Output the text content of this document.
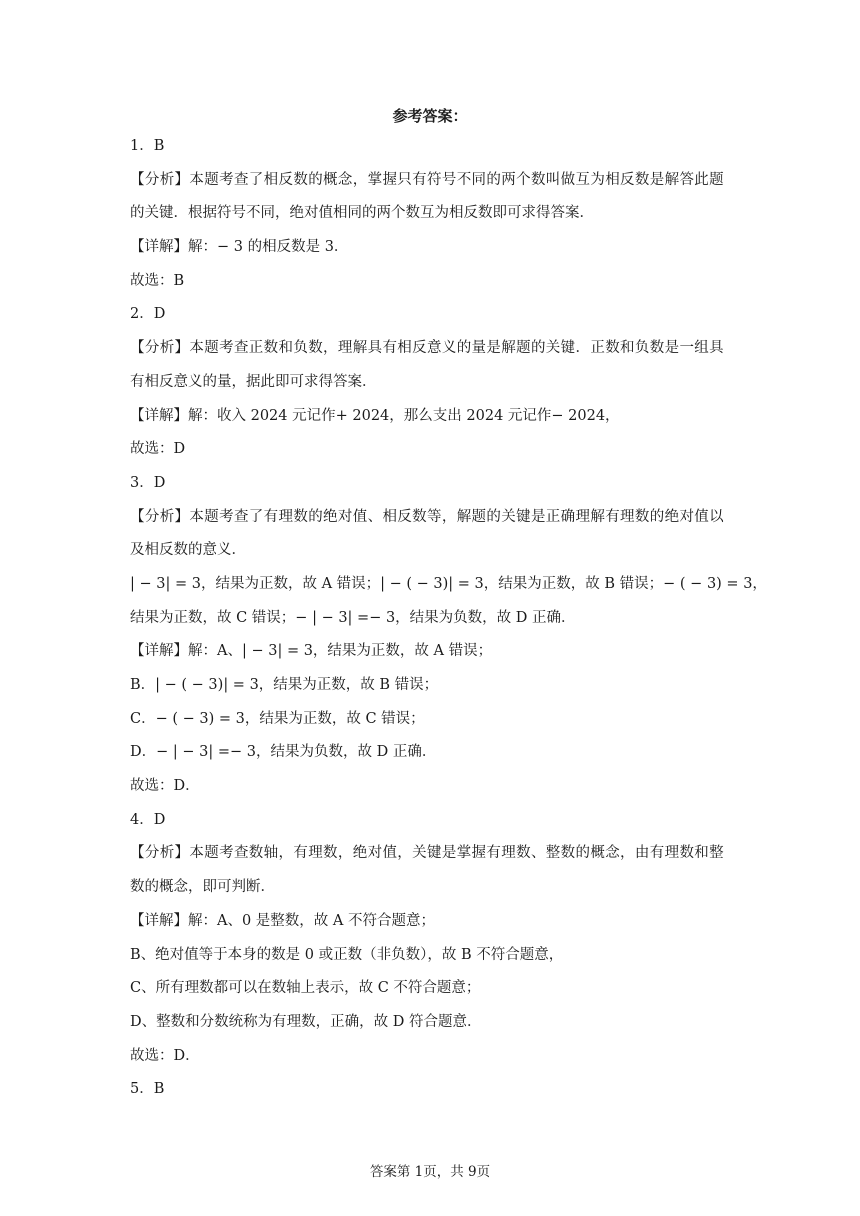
参考答案：
1．B
【分析】本题考查了相反数的概念，掌握只有符号不同的两个数叫做互为相反数是解答此题
的关键．根据符号不同，绝对值相同的两个数互为相反数即可求得答案．
【详解】解：− 3 的相反数是 3．
故选：B
2．D
【分析】本题考查正数和负数，理解具有相反意义的量是解题的关键．正数和负数是一组具
有相反意义的量，据此即可求得答案．
【详解】解：收入 2024 元记作+ 2024，那么支出 2024 元记作− 2024，
故选：D
3．D
【分析】本题考查了有理数的绝对值、相反数等，解题的关键是正确理解有理数的绝对值以
及相反数的意义．
| − 3| = 3，结果为正数，故 A 错误；| − ( − 3)| = 3，结果为正数，故 B 错误；− ( − 3) = 3，
结果为正数，故 C 错误；− | − 3| =− 3，结果为负数，故 D 正确．
【详解】解：A、| − 3| = 3，结果为正数，故 A 错误；
B．| − ( − 3)| = 3，结果为正数，故 B 错误；
C．− ( − 3) = 3，结果为正数，故 C 错误；
D．− | − 3| =− 3，结果为负数，故 D 正确．
故选：D．
4．D
【分析】本题考查数轴，有理数，绝对值，关键是掌握有理数、整数的概念，由有理数和整
数的概念，即可判断．
【详解】解：A、0 是整数，故 A 不符合题意；
B、绝对值等于本身的数是 0 或正数（非负数），故 B 不符合题意，
C、所有理数都可以在数轴上表示，故 C 不符合题意；
D、整数和分数统称为有理数，正确，故 D 符合题意．
故选：D．
5．B
答案第 1页，共 9页
